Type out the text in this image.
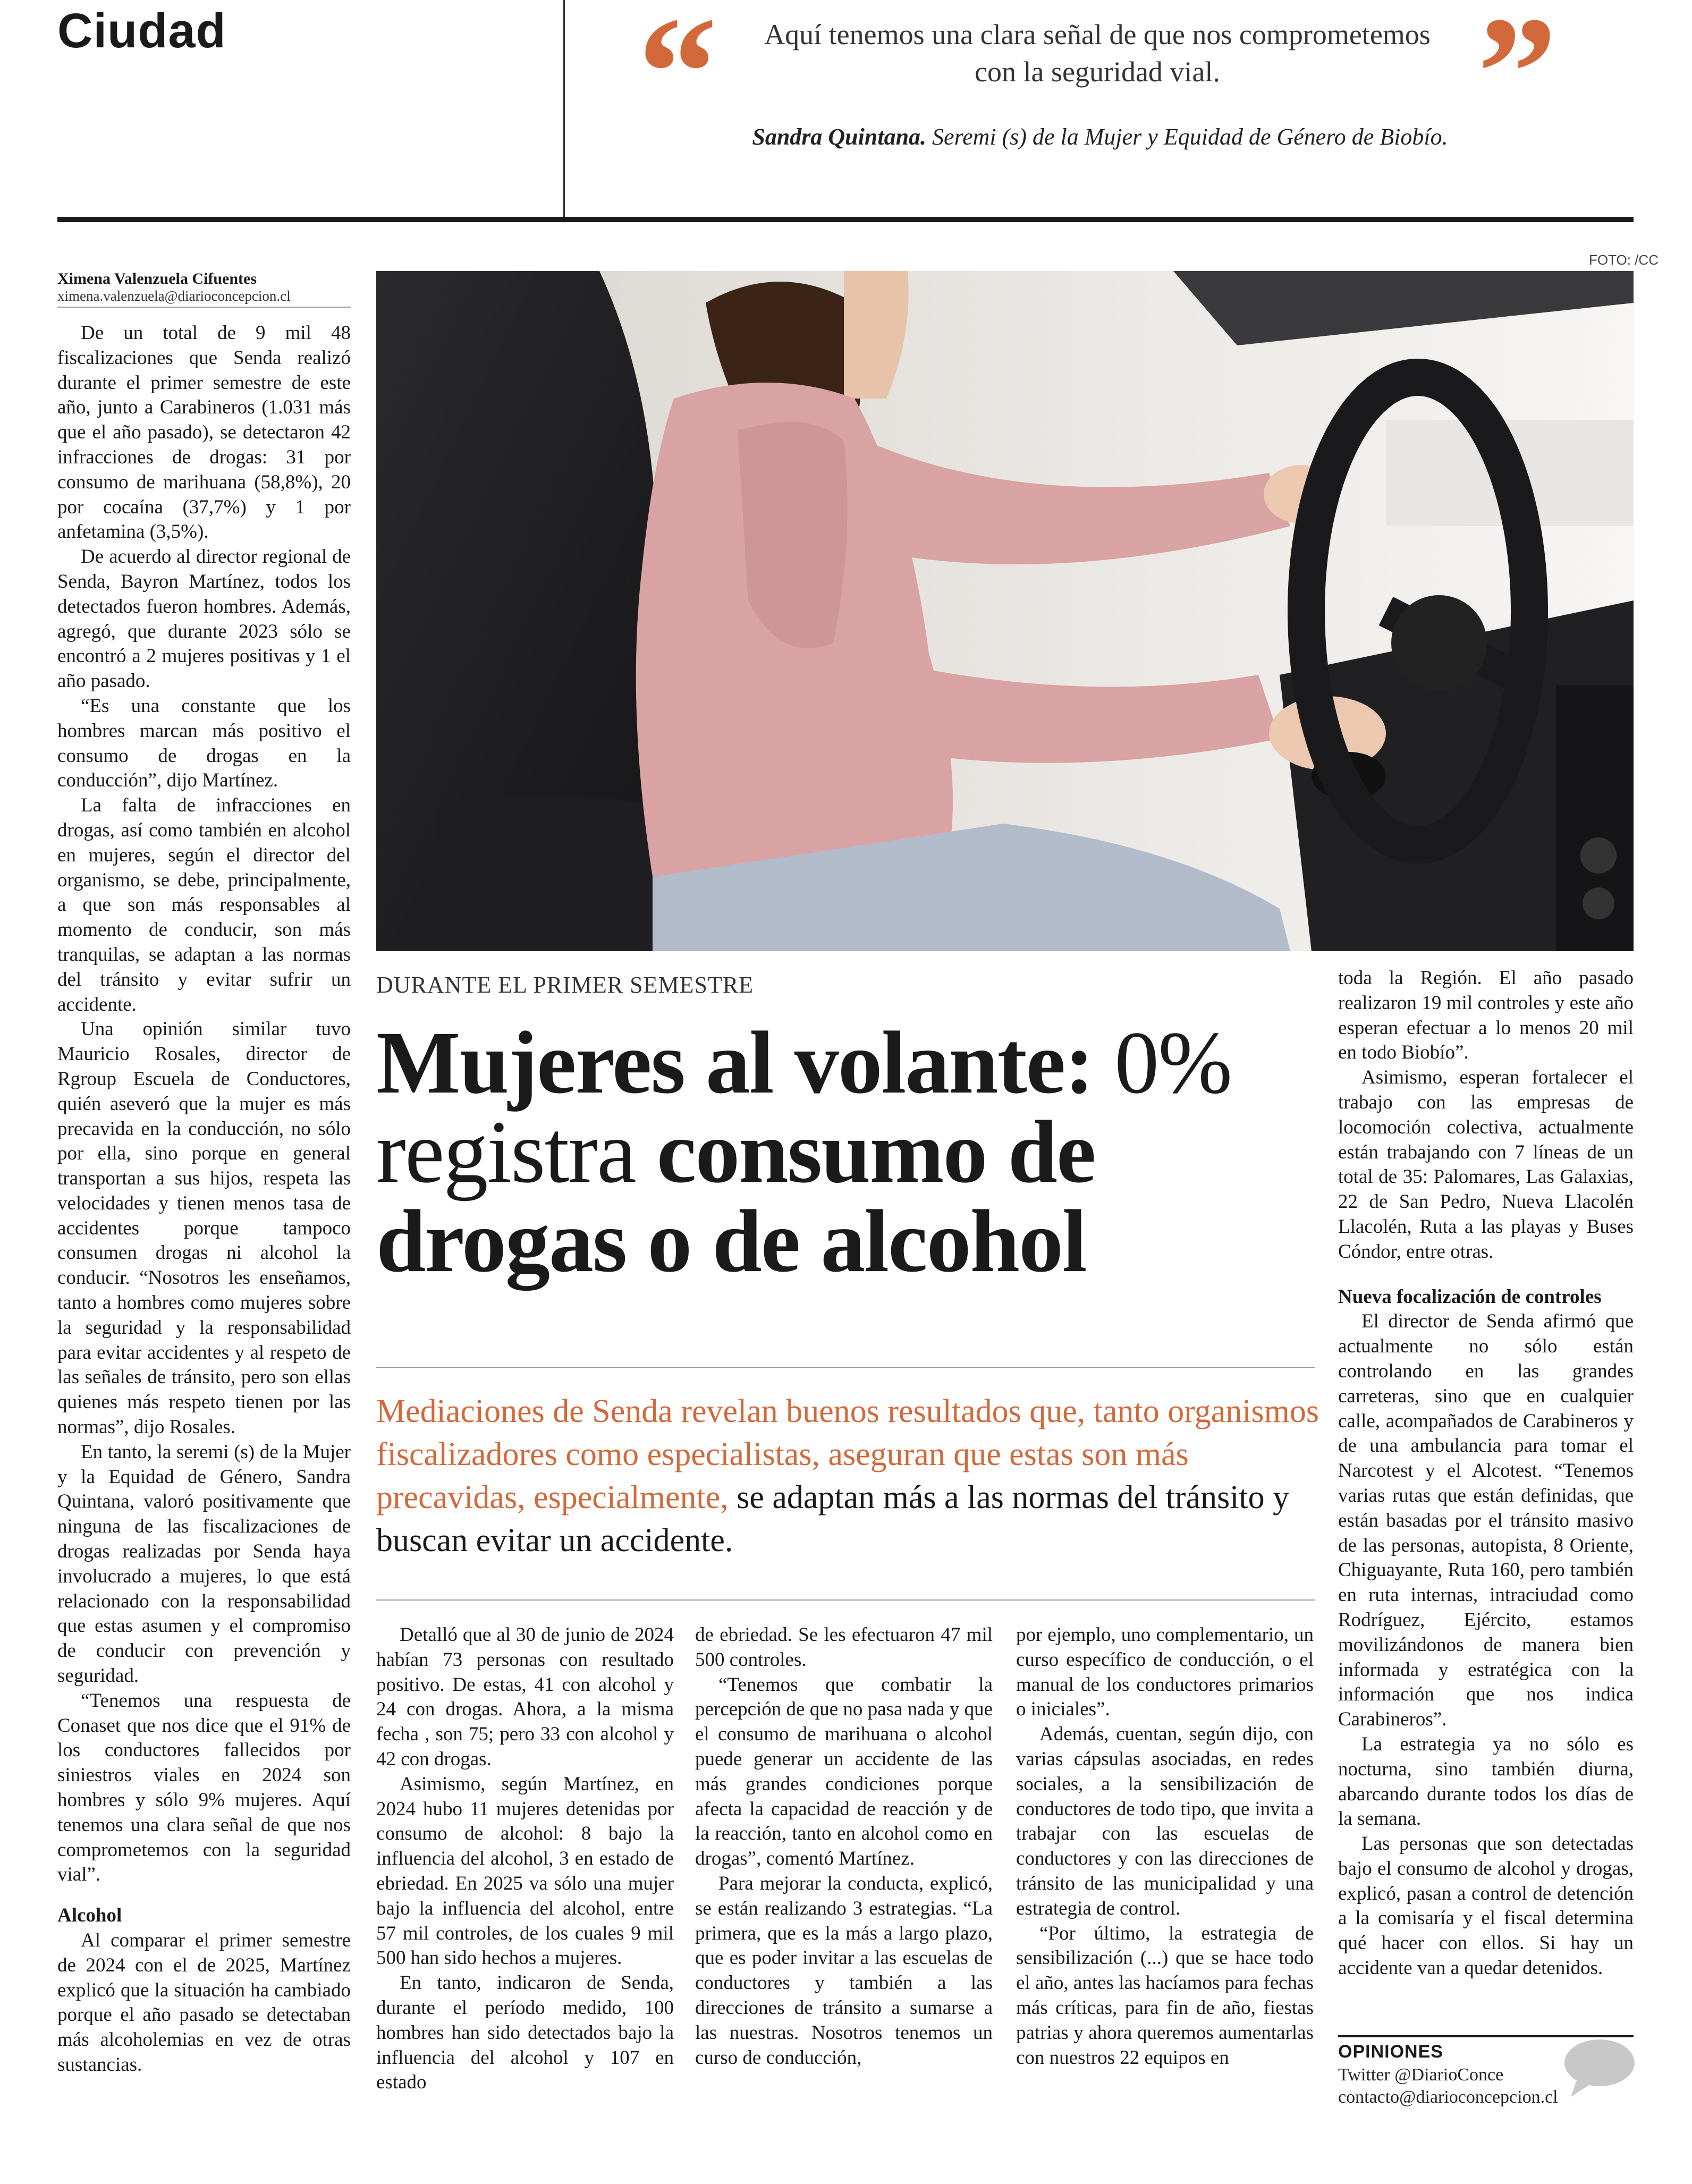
Ciudad	“	Aquí tenemos una clara señal de que nos comprometemos con la seguridad vial.	”
Sandra Quintana. Seremi (s) de la Mujer y Equidad de Género de Biobío.
Ximena Valenzuela Cifuentes
ximena.valenzuela@diarioconcepcion.cl
FOTO: /CC

De un total de 9 mil 48 fiscalizaciones que Senda realizó durante el primer semestre de este año, junto a Carabineros (1.031 más que el año pasado), se detectaron 42 infracciones de drogas: 31 por consumo de marihuana (58,8%), 20 por cocaína (37,7%) y 1 por anfetamina (3,5%).

De acuerdo al director regional de Senda, Bayron Martínez, todos los detectados fueron hombres. Además, agregó, que durante 2023 sólo se encontró a 2 mujeres positivas y 1 el año pasado.

“Es una constante que los hombres marcan más positivo el consumo de drogas en la conducción”, dijo Martínez.

La falta de infracciones en drogas, así como también en alcohol en mujeres, según el director del organismo, se debe, principalmente, a que son más responsables al momento de conducir, son más tranquilas, se adaptan a las normas del tránsito y evitar sufrir un accidente.

Una opinión similar tuvo Mauricio Rosales, director de Rgroup Escuela de Conductores, quién aseveró que la mujer es más precavida en la conducción, no sólo por ella, sino porque en general transportan a sus hijos, respeta las velocidades y tienen menos tasa de accidentes porque tampoco consumen drogas ni alcohol la conducir. “Nosotros les enseñamos, tanto a hombres como mujeres sobre la seguridad y la responsabilidad para evitar accidentes y al respeto de las señales de tránsito, pero son ellas quienes más respeto tienen por las normas”, dijo Rosales.

En tanto, la seremi (s) de la Mujer y la Equidad de Género, Sandra Quintana, valoró positivamente que ninguna de las fiscalizaciones de drogas realizadas por Senda haya involucrado a mujeres, lo que está relacionado con la responsabilidad que estas asumen y el compromiso de conducir con prevención y seguridad.

“Tenemos una respuesta de Conaset que nos dice que el 91% de los conductores fallecidos por siniestros viales en 2024 son hombres y sólo 9% mujeres. Aquí tenemos una clara señal de que nos comprometemos con la seguridad vial”.

Alcohol

Al comparar el primer semestre de 2024 con el de 2025, Martínez explicó que la situación ha cambiado porque el año pasado se detectaban más alcoholemias en vez de otras sustancias.

DURANTE EL PRIMER SEMESTRE
Mujeres al volante: 0% registra consumo de drogas o de alcohol
Mediaciones de Senda revelan buenos resultados que, tanto organismos fiscalizadores como especialistas, aseguran que estas son más precavidas, especialmente, se adaptan más a las normas del tránsito y buscan evitar un accidente.

Detalló que al 30 de junio de 2024 habían 73 personas con resultado positivo. De estas, 41 con alcohol y 24 con drogas. Ahora, a la misma fecha , son 75; pero 33 con alcohol y 42 con drogas.

Asimismo, según Martínez, en 2024 hubo 11 mujeres detenidas por consumo de alcohol: 8 bajo la influencia del alcohol, 3 en estado de ebriedad. En 2025 va sólo una mujer bajo la influencia del alcohol, entre 57 mil controles, de los cuales 9 mil 500 han sido hechos a mujeres.

En tanto, indicaron de Senda, durante el período medido, 100 hombres han sido detectados bajo la influencia del alcohol y 107 en estado

de ebriedad. Se les efectuaron 47 mil 500 controles.

“Tenemos que combatir la percepción de que no pasa nada y que el consumo de marihuana o alcohol puede generar un accidente de las más grandes condiciones porque afecta la capacidad de reacción y de la reacción, tanto en alcohol como en drogas”, comentó Martínez.

Para mejorar la conducta, explicó, se están realizando 3 estrategias. “La primera, que es la más a largo plazo, que es poder invitar a las escuelas de conductores y también a las direcciones de tránsito a sumarse a las nuestras. Nosotros tenemos un curso de conducción,

por ejemplo, uno complementario, un curso específico de conducción, o el manual de los conductores primarios o iniciales”.

Además, cuentan, según dijo, con varias cápsulas asociadas, en redes sociales, a la sensibilización de conductores de todo tipo, que invita a trabajar con las escuelas de conductores y con las direcciones de tránsito de las municipalidad y una estrategia de control.

“Por último, la estrategia de sensibilización (...) que se hace todo el año, antes las hacíamos para fechas más críticas, para fin de año, fiestas patrias y ahora queremos aumentarlas con nuestros 22 equipos en

toda la Región. El año pasado realizaron 19 mil controles y este año esperan efectuar a lo menos 20 mil en todo Biobío”.

Asimismo, esperan fortalecer el trabajo con las empresas de locomoción colectiva, actualmente están trabajando con 7 líneas de un total de 35: Palomares, Las Galaxias, 22 de San Pedro, Nueva Llacolén Llacolén, Ruta a las playas y Buses Cóndor, entre otras.

Nueva focalización de controles

El director de Senda afirmó que actualmente no sólo están controlando en las grandes carreteras, sino que en cualquier calle, acompañados de Carabineros y de una ambulancia para tomar el Narcotest y el Alcotest. “Tenemos varias rutas que están definidas, que están basadas por el tránsito masivo de las personas, autopista, 8 Oriente, Chiguayante, Ruta 160, pero también en ruta internas, intraciudad como Rodríguez, Ejército, estamos movilizándonos de manera bien informada y estratégica con la información que nos indica Carabineros”.

La estrategia ya no sólo es nocturna, sino también diurna, abarcando durante todos los días de la semana.

Las personas que son detectadas bajo el consumo de alcohol y drogas, explicó, pasan a control de detención a la comisaría y el fiscal determina qué hacer con ellos. Si hay un accidente van a quedar detenidos.

OPINIONES
Twitter @DiarioConce
contacto@diarioconcepcion.cl
